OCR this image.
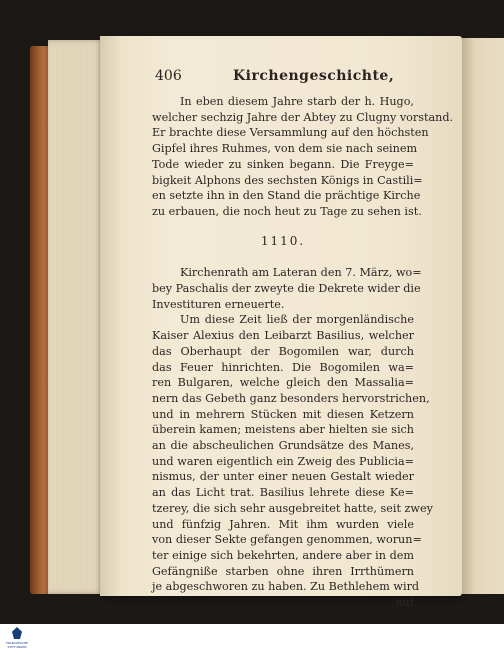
406	Kirchengeschichte,
In eben diesem Jahre starb der h. Hugo,
welcher sechzig Jahre der Abtey zu Clugny vorstand.
Er brachte diese Versammlung auf den höchsten
Gipfel ihres Ruhmes, von dem sie nach seinem
Tode wieder zu sinken begann. Die Freyge=
bigkeit Alphons des sechsten Königs in Castili=
en setzte ihn in den Stand die prächtige Kirche
zu erbauen, die noch heut zu Tage zu sehen ist.
1110.
Kirchenrath am Lateran den 7. März, wo=
bey Paschalis der zweyte die Dekrete wider die
Investituren erneuerte.
Um diese Zeit ließ der morgenländische
Kaiser Alexius den Leibarzt Basilius, welcher
das Oberhaupt der Bogomilen war, durch
das Feuer hinrichten. Die Bogomilen wa=
ren Bulgaren, welche gleich den Massalia=
nern das Gebeth ganz besonders hervorstrichen,
und in mehrern Stücken mit diesen Ketzern
überein kamen; meistens aber hielten sie sich
an die abscheulichen Grundsätze des Manes,
und waren eigentlich ein Zweig des Publicia=
nismus, der unter einer neuen Gestalt wieder
an das Licht trat. Basilius lehrete diese Ke=
tzerey, die sich sehr ausgebreitet hatte, seit zwey
und fünfzig Jahren. Mit ihm wurden viele
von dieser Sekte gefangen genommen, worun=
ter einige sich bekehrten, andere aber in dem
Gefängniße starben ohne ihren Irrthümern
je abgeschworen zu haben. Zu Bethlehem wird
auf
FRANCKESCHE STIFTUNGEN
